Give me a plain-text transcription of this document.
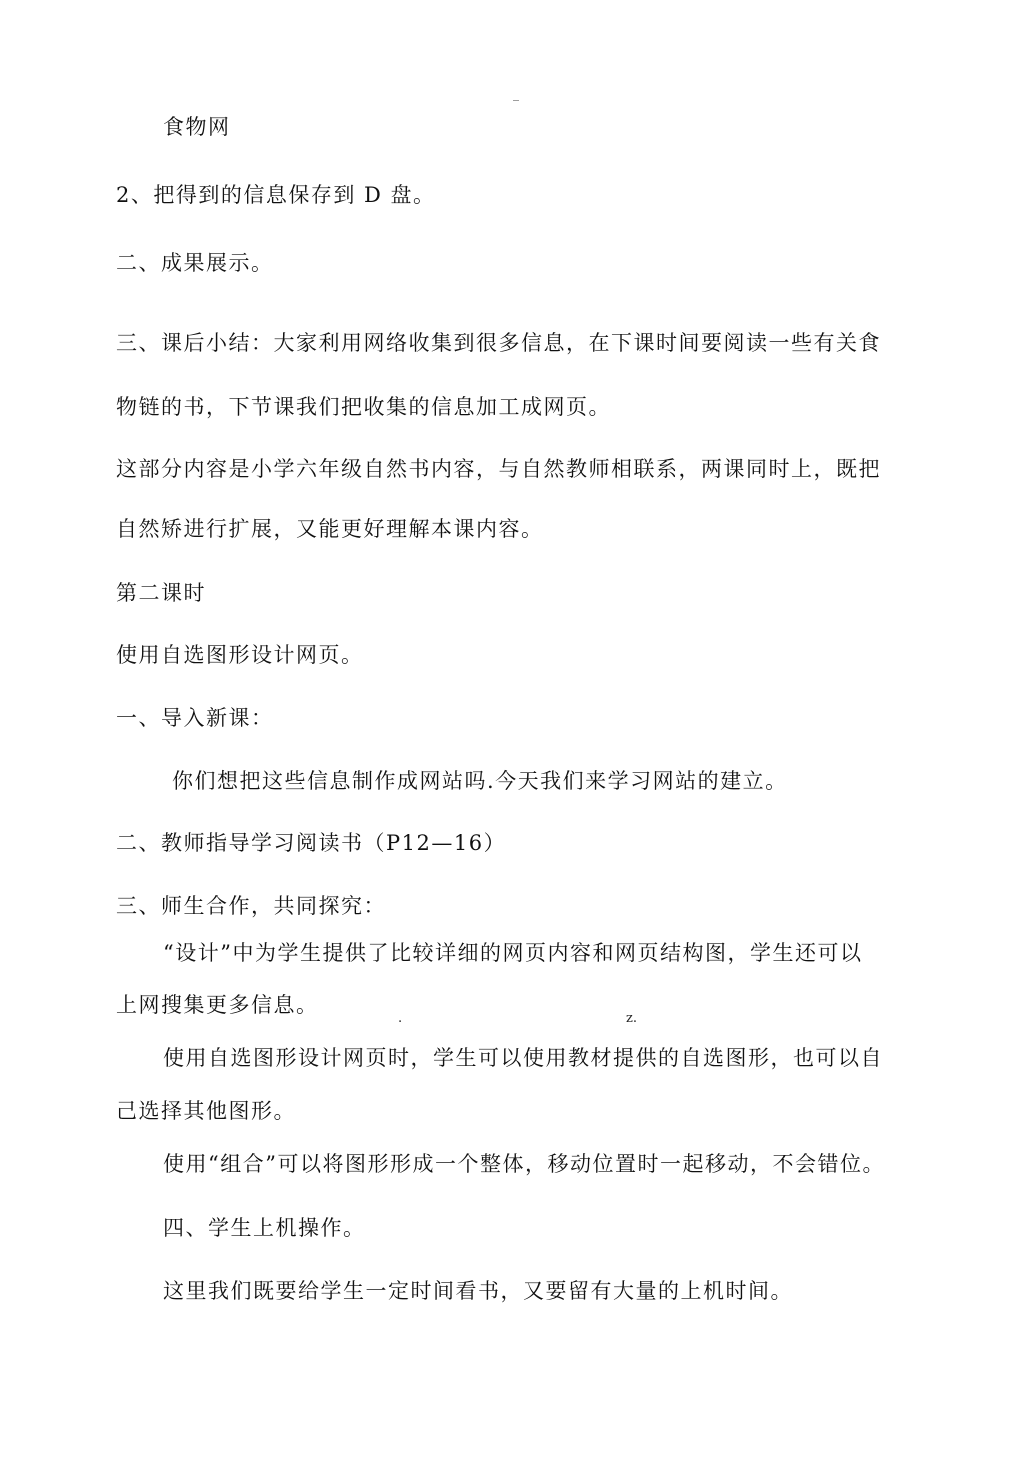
_
食物网
2、把得到的信息保存到 D 盘。
二、成果展示。
三、课后小结：大家利用网络收集到很多信息，在下课时间要阅读一些有关食
物链的书，下节课我们把收集的信息加工成网页。
这部分内容是小学六年级自然书内容，与自然教师相联系，两课同时上，既把
自然矫进行扩展，又能更好理解本课内容。
第二课时
使用自选图形设计网页。
一、导入新课：
你们想把这些信息制作成网站吗.今天我们来学习网站的建立。
二、教师指导学习阅读书（P12—16）
三、师生合作，共同探究：
“设计”中为学生提供了比较详细的网页内容和网页结构图，学生还可以
上网搜集更多信息。
使用自选图形设计网页时，学生可以使用教材提供的自选图形，也可以自
己选择其他图形。
使用“组合”可以将图形形成一个整体，移动位置时一起移动，不会错位。
四、学生上机操作。
这里我们既要给学生一定时间看书，又要留有大量的上机时间。
.	z.
